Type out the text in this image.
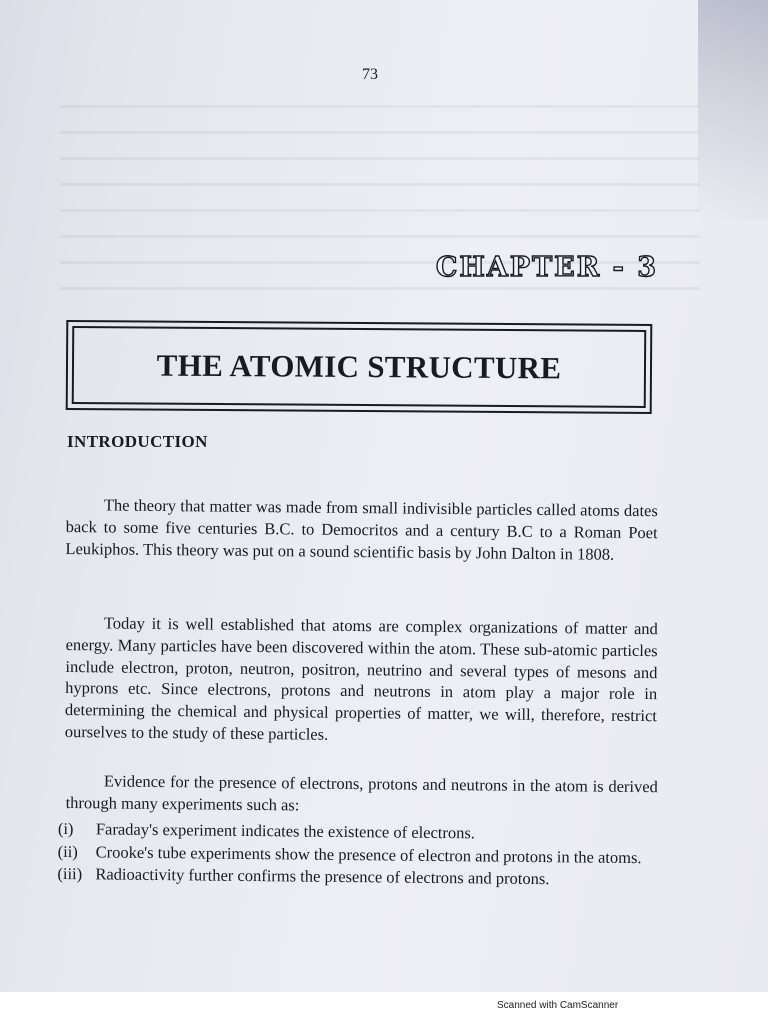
73
CHAPTER - 3
THE ATOMIC STRUCTURE
INTRODUCTION

The theory that matter was made from small indivisible particles called atoms dates back to some five centuries B.C. to Democritos and a century B.C to a Roman Poet Leukiphos. This theory was put on a sound scientific basis by John Dalton in 1808.

Today it is well established that atoms are complex organizations of matter and energy. Many particles have been discovered within the atom. These sub-atomic particles include electron, proton, neutron, positron, neutrino and several types of mesons and hyprons etc. Since electrons, protons and neutrons in atom play a major role in determining the chemical and physical properties of matter, we will, therefore, restrict ourselves to the study of these particles.

Evidence for the presence of electrons, protons and neutrons in the atom is derived through many experiments such as:

(i)	Faraday's experiment indicates the existence of electrons.
(ii)	Crooke's tube experiments show the presence of electron and protons in the atoms.
(iii) Radioactivity further confirms the presence of electrons and protons.
Scanned with CamScanner
